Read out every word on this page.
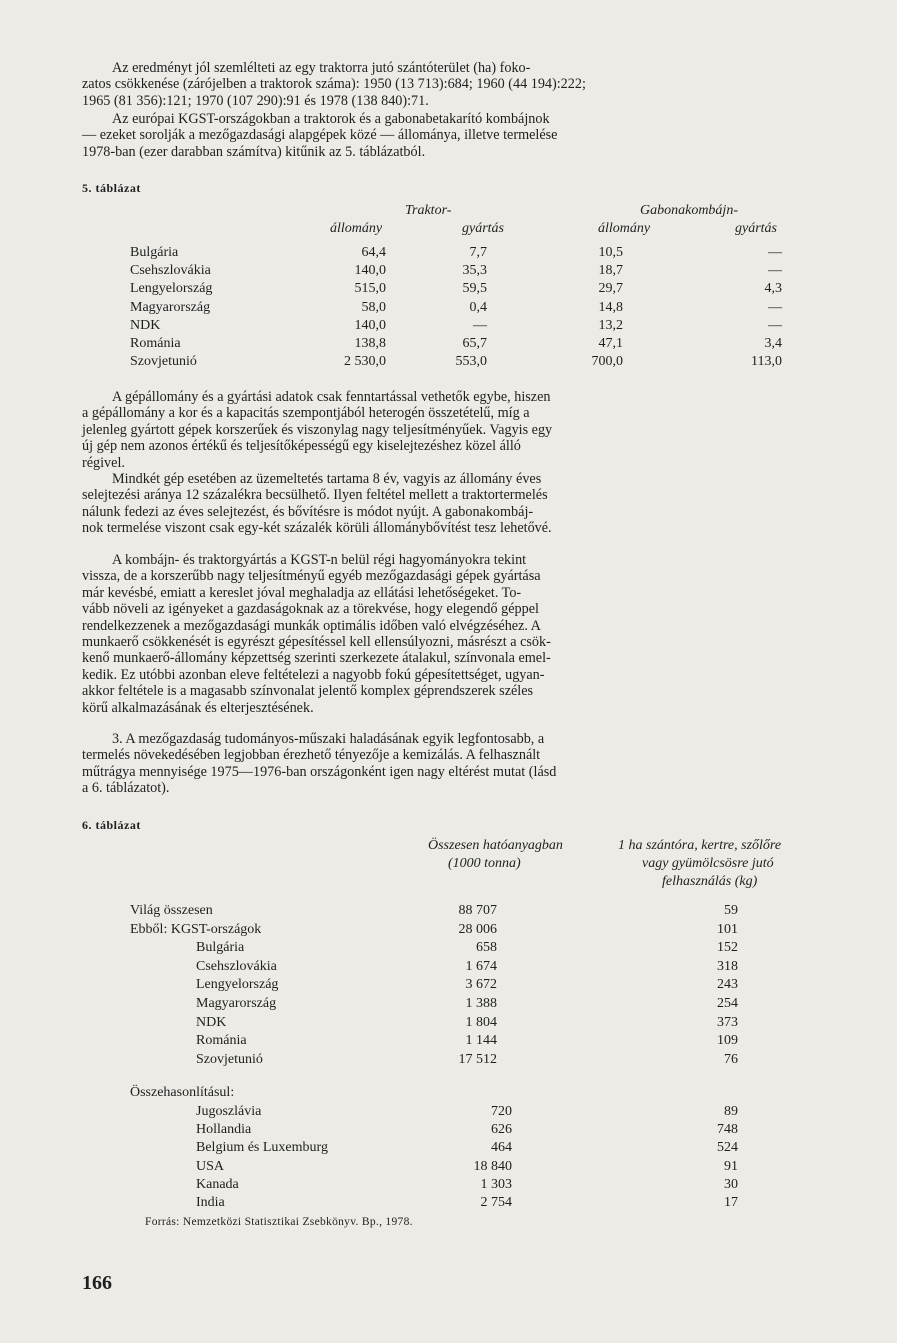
Az eredményt jól szemlélteti az egy traktorra jutó szántóterület (ha) foko-
zatos csökkenése (zárójelben a traktorok száma): 1950 (13 713):684; 1960 (44 194):222;
1965 (81 356):121; 1970 (107 290):91 és 1978 (138 840):71.
Az európai KGST-országokban a traktorok és a gabonabetakarító kombájnok
— ezeket sorolják a mezőgazdasági alapgépek közé — állománya, illetve termelése
1978-ban (ezer darabban számítva) kitűnik az 5. táblázatból.
5. táblázat
Traktor-	Gabonakombájn-
állomány	gyártás	állomány	gyártás
Bulgária	64,4	7,7	10,5	—
Csehszlovákia	140,0	35,3	18,7	—
Lengyelország	515,0	59,5	29,7	4,3
Magyarország	58,0	0,4	14,8	—
NDK	140,0	—	13,2	—
Románia	138,8	65,7	47,1	3,4
Szovjetunió	2 530,0	553,0	700,0	113,0
A gépállomány és a gyártási adatok csak fenntartással vethetők egybe, hiszen
a gépállomány a kor és a kapacitás szempontjából heterogén összetételű, míg a
jelenleg gyártott gépek korszerűek és viszonylag nagy teljesítményűek. Vagyis egy
új gép nem azonos értékű és teljesítőképességű egy kiselejtezéshez közel álló
régivel.
Mindkét gép esetében az üzemeltetés tartama 8 év, vagyis az állomány éves
selejtezési aránya 12 százalékra becsülhető. Ilyen feltétel mellett a traktortermelés
nálunk fedezi az éves selejtezést, és bővítésre is módot nyújt. A gabonakombáj-
nok termelése viszont csak egy-két százalék körüli állománybővítést tesz lehetővé.
A kombájn- és traktorgyártás a KGST-n belül régi hagyományokra tekint
vissza, de a korszerűbb nagy teljesítményű egyéb mezőgazdasági gépek gyártása
már kevésbé, emiatt a kereslet jóval meghaladja az ellátási lehetőségeket. To-
vább növeli az igényeket a gazdaságoknak az a törekvése, hogy elegendő géppel
rendelkezzenek a mezőgazdasági munkák optimális időben való elvégzéséhez. A
munkaerő csökkenését is egyrészt gépesítéssel kell ellensúlyozni, másrészt a csök-
kenő munkaerő-állomány képzettség szerinti szerkezete átalakul, színvonala emel-
kedik. Ez utóbbi azonban eleve feltételezi a nagyobb fokú gépesítettséget, ugyan-
akkor feltétele is a magasabb színvonalat jelentő komplex géprendszerek széles
körű alkalmazásának és elterjesztésének.
3. A mezőgazdaság tudományos-műszaki haladásának egyik legfontosabb, a
termelés növekedésében legjobban érezhető tényezője a kemizálás. A felhasznált
műtrágya mennyisége 1975—1976-ban országonként igen nagy eltérést mutat (lásd
a 6. táblázatot).
6. táblázat
Összesen hatóanyagban
(1000 tonna)
1 ha szántóra, kertre, szőlőre
vagy gyümölcsösre jutó
felhasználás (kg)
Világ összesen	88 707	59
Ebből: KGST-országok	28 006	101
Bulgária	658	152
Csehszlovákia	1 674	318
Lengyelország	3 672	243
Magyarország	1 388	254
NDK	1 804	373
Románia	1 144	109
Szovjetunió	17 512	76
Összehasonlításul:
Jugoszlávia	720	89
Hollandia	626	748
Belgium és Luxemburg	464	524
USA	18 840	91
Kanada	1 303	30
India	2 754	17
Forrás: Nemzetközi Statisztikai Zsebkönyv. Bp., 1978.
166
